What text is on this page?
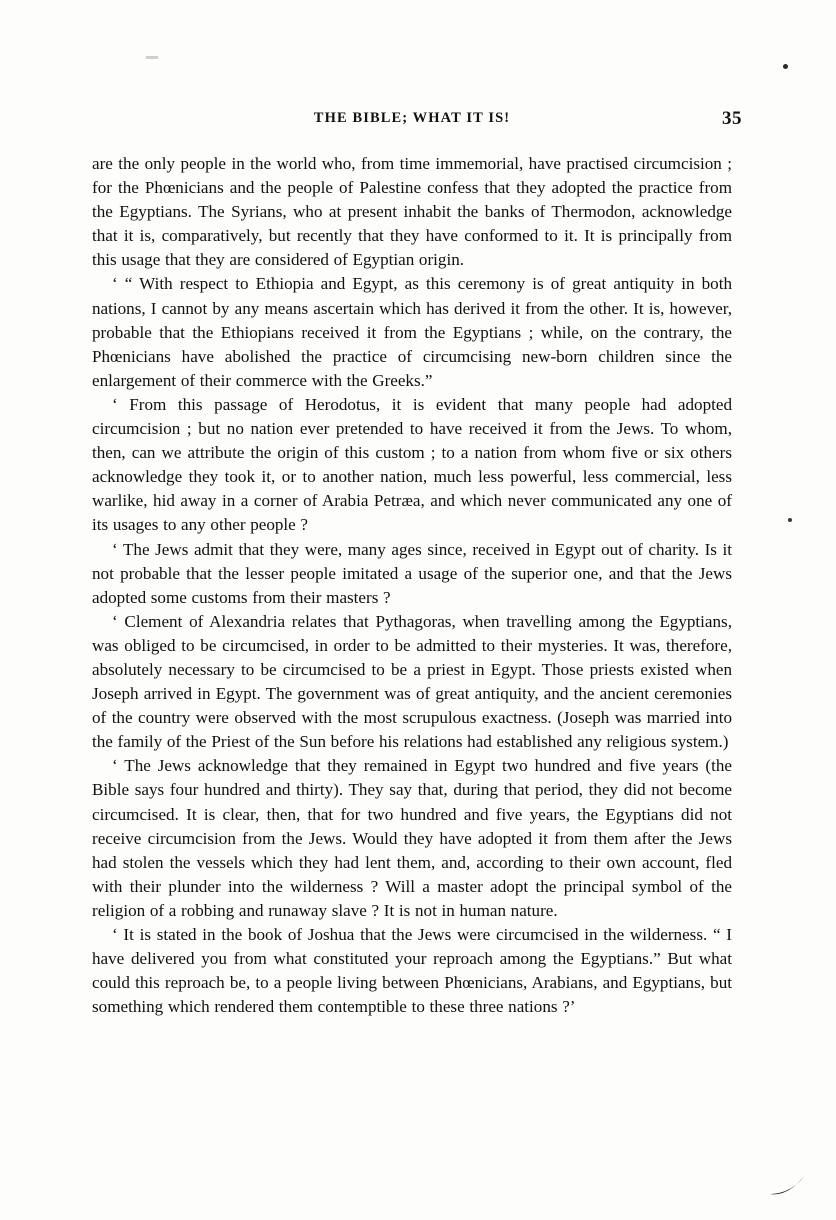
THE BIBLE; WHAT IT IS!	35

are the only people in the world who, from time immemorial, have practised circumcision ; for the Phœnicians and the people of Palestine confess that they adopted the practice from the Egyptians. The Syrians, who at present inhabit the banks of Thermodon, acknowledge that it is, comparatively, but recently that they have conformed to it. It is principally from this usage that they are considered of Egyptian origin.

‘ “ With respect to Ethiopia and Egypt, as this ceremony is of great antiquity in both nations, I cannot by any means ascertain which has derived it from the other. It is, however, probable that the Ethiopians received it from the Egyptians ; while, on the contrary, the Phœnicians have abolished the practice of circumcising new-born children since the enlargement of their commerce with the Greeks.”

‘ From this passage of Herodotus, it is evident that many people had adopted circumcision ; but no nation ever pretended to have received it from the Jews. To whom, then, can we attribute the origin of this custom ; to a nation from whom five or six others acknowledge they took it, or to another nation, much less powerful, less commercial, less warlike, hid away in a corner of Arabia Petræa, and which never communicated any one of its usages to any other people ?

‘ The Jews admit that they were, many ages since, received in Egypt out of charity. Is it not probable that the lesser people imitated a usage of the superior one, and that the Jews adopted some customs from their masters ?

‘ Clement of Alexandria relates that Pythagoras, when travelling among the Egyptians, was obliged to be circumcised, in order to be admitted to their mysteries. It was, therefore, absolutely necessary to be circumcised to be a priest in Egypt. Those priests existed when Joseph arrived in Egypt. The government was of great antiquity, and the ancient ceremonies of the country were observed with the most scrupulous exactness. (Joseph was married into the family of the Priest of the Sun before his relations had established any religious system.)

‘ The Jews acknowledge that they remained in Egypt two hundred and five years (the Bible says four hundred and thirty). They say that, during that period, they did not become circumcised. It is clear, then, that for two hundred and five years, the Egyptians did not receive circumcision from the Jews. Would they have adopted it from them after the Jews had stolen the vessels which they had lent them, and, according to their own account, fled with their plunder into the wilderness ? Will a master adopt the principal symbol of the religion of a robbing and runaway slave ? It is not in human nature.

‘ It is stated in the book of Joshua that the Jews were circumcised in the wilderness. “ I have delivered you from what constituted your reproach among the Egyptians.” But what could this reproach be, to a people living between Phœnicians, Arabians, and Egyptians, but something which rendered them contemptible to these three nations ?’
